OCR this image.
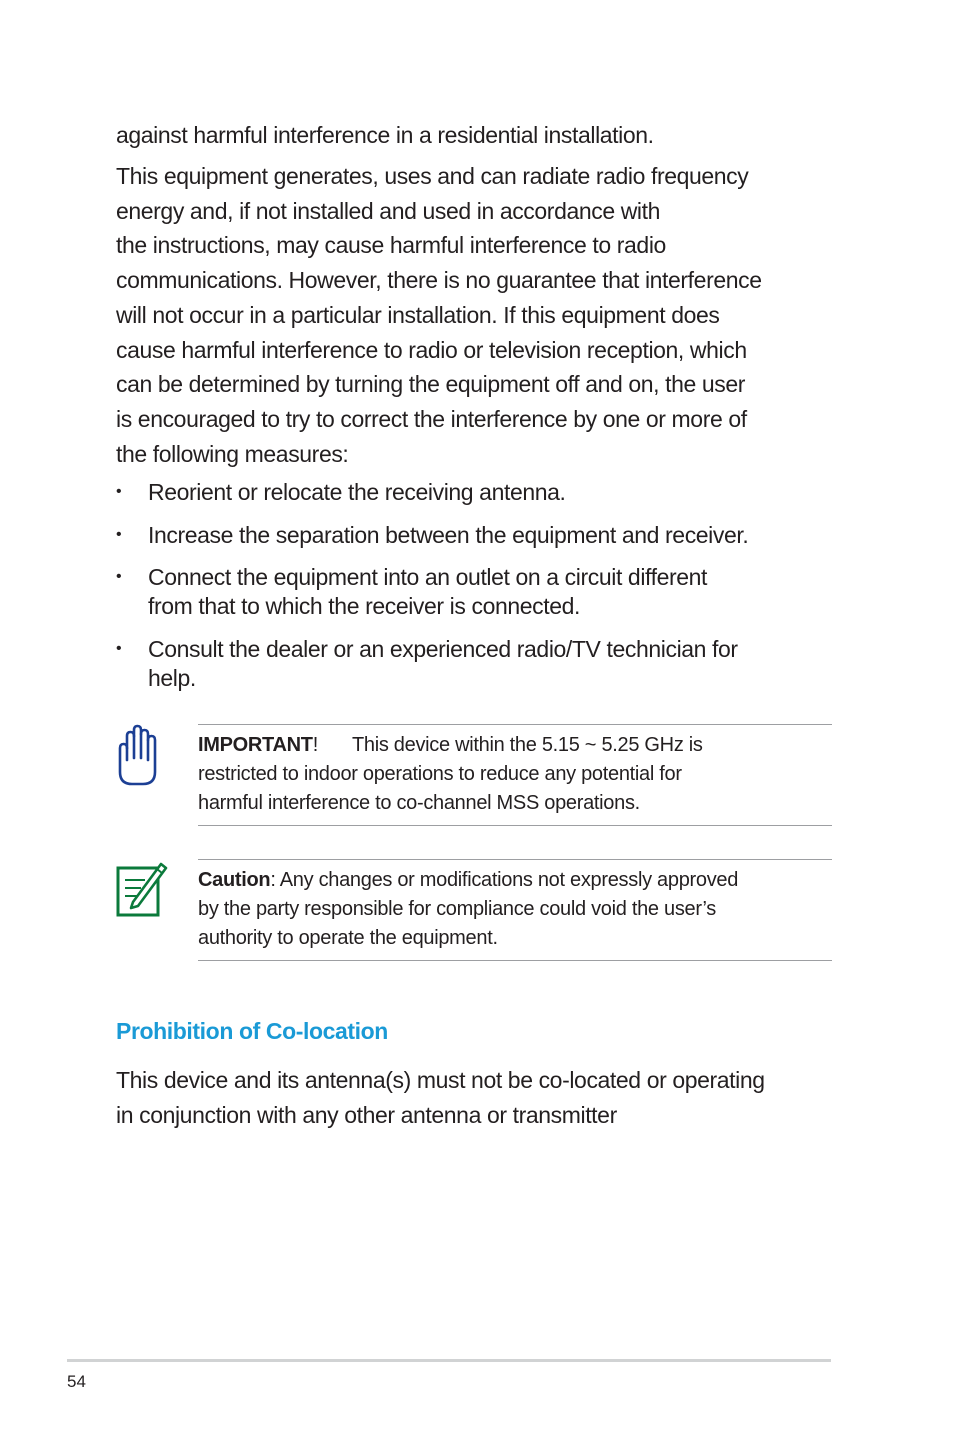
against harmful interference in a residential installation.

This equipment generates, uses and can radiate radio frequency
energy and, if not installed and used in accordance with
the instructions, may cause harmful interference to radio
communications. However, there is no guarantee that interference
will not occur in a particular installation. If this equipment does
cause harmful interference to radio or television reception, which
can be determined by turning the equipment off and on, the user
is encouraged to try to correct the interference by one or more of
the following measures:

• Reorient or relocate the receiving antenna.
• Increase the separation between the equipment and receiver.
• Connect the equipment into an outlet on a circuit different
from that to which the receiver is connected.
• Consult the dealer or an experienced radio/TV technician for
help.
IMPORTANT! This device within the 5.15 ~ 5.25 GHz is
restricted to indoor operations to reduce any potential for
harmful interference to co-channel MSS operations.
Caution: Any changes or modifications not expressly approved
by the party responsible for compliance could void the user’s
authority to operate the equipment.
Prohibition of Co-location

This device and its antenna(s) must not be co-located or operating
in conjunction with any other antenna or transmitter

54
